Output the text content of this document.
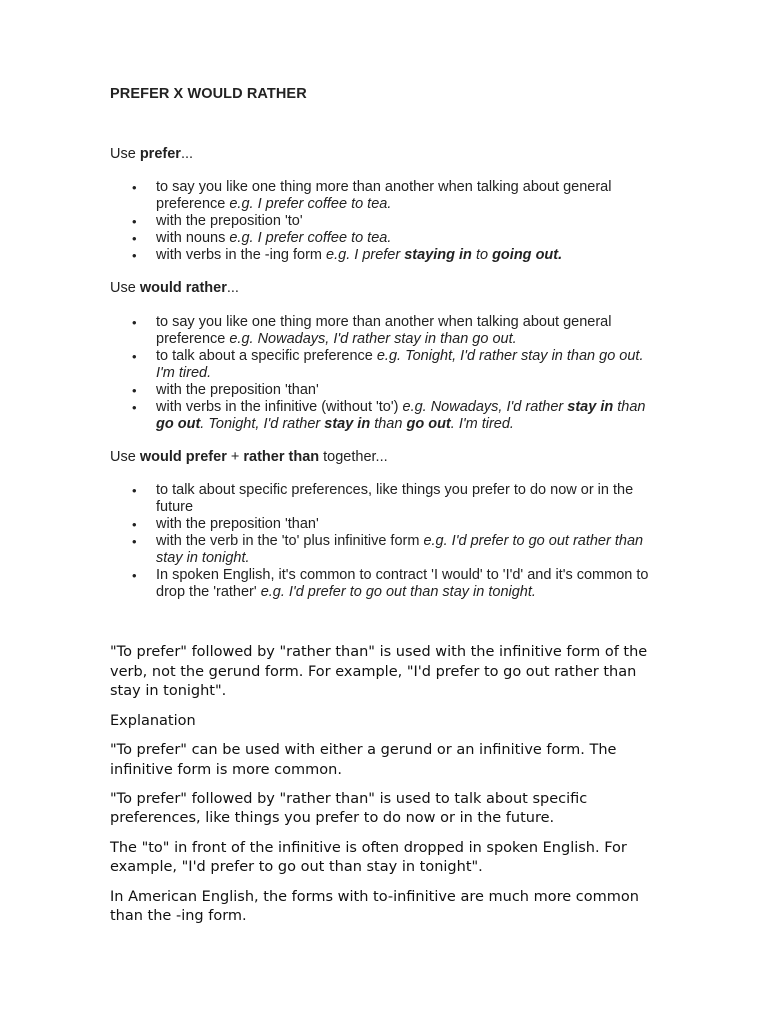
PREFER X WOULD RATHER
Use prefer...
• to say you like one thing more than another when talking about general preference e.g. I prefer coffee to tea.
• with the preposition 'to'
• with nouns e.g. I prefer coffee to tea.
• with verbs in the -ing form e.g. I prefer staying in to going out.
Use would rather...
• to say you like one thing more than another when talking about general preference e.g. Nowadays, I'd rather stay in than go out.
• to talk about a specific preference e.g. Tonight, I'd rather stay in than go out. I'm tired.
• with the preposition 'than'
• with verbs in the infinitive (without 'to') e.g. Nowadays, I'd rather stay in than go out. Tonight, I'd rather stay in than go out. I'm tired.
Use would prefer + rather than together...
• to talk about specific preferences, like things you prefer to do now or in the future
• with the preposition 'than'
• with the verb in the 'to' plus infinitive form e.g. I'd prefer to go out rather than stay in tonight.
• In spoken English, it's common to contract 'I would' to 'I'd' and it's common to drop the 'rather' e.g. I'd prefer to go out than stay in tonight.

"To prefer" followed by "rather than" is used with the infinitive form of the verb, not the gerund form. For example, "I'd prefer to go out rather than stay in tonight".

Explanation

"To prefer" can be used with either a gerund or an infinitive form. The infinitive form is more common.

"To prefer" followed by "rather than" is used to talk about specific preferences, like things you prefer to do now or in the future.

The "to" in front of the infinitive is often dropped in spoken English. For example, "I'd prefer to go out than stay in tonight".

In American English, the forms with to-infinitive are much more common than the -ing form.
